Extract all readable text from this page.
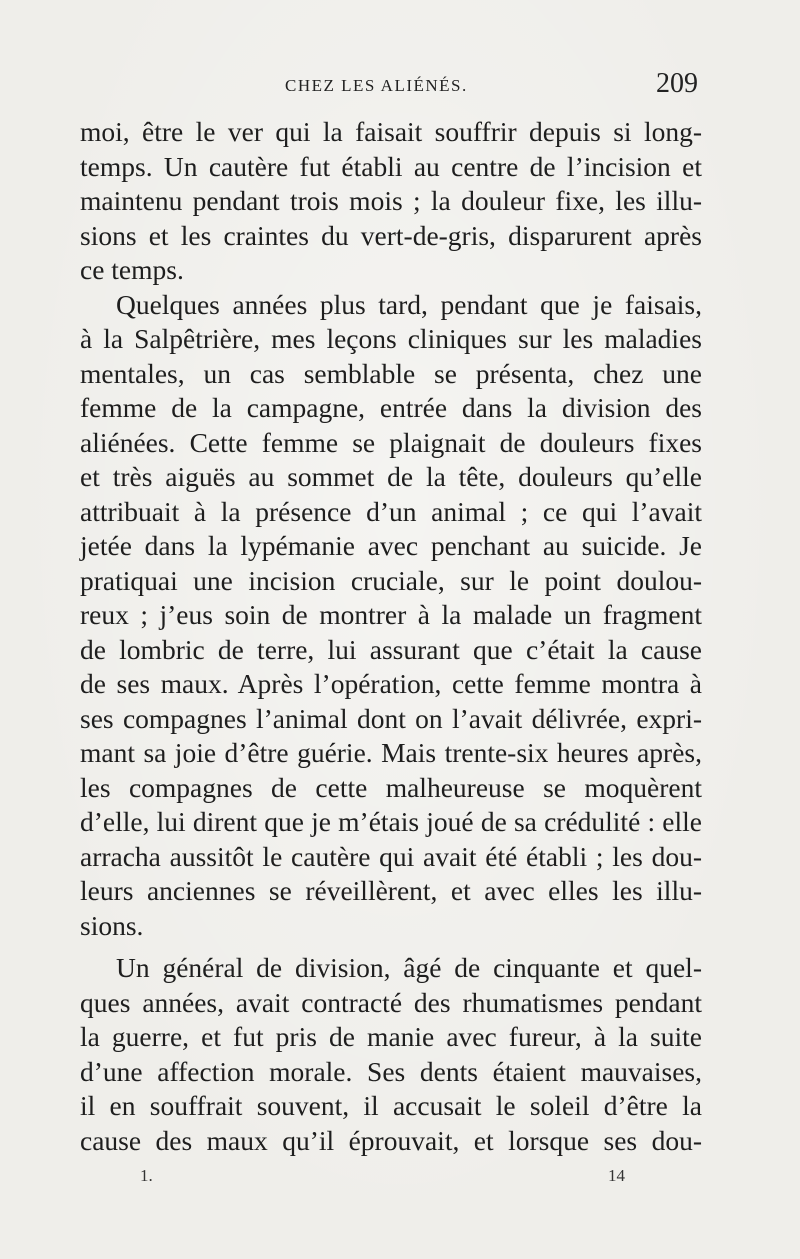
CHEZ LES ALIÉNÉS.	209
moi, être le ver qui la faisait souffrir depuis si long-
temps. Un cautère fut établi au centre de l’incision et
maintenu pendant trois mois ; la douleur fixe, les illu-
sions et les craintes du vert-de-gris, disparurent après
ce temps.
Quelques années plus tard, pendant que je faisais,
à la Salpêtrière, mes leçons cliniques sur les maladies
mentales, un cas semblable se présenta, chez une
femme de la campagne, entrée dans la division des
aliénées. Cette femme se plaignait de douleurs fixes
et très aiguës au sommet de la tête, douleurs qu’elle
attribuait à la présence d’un animal ; ce qui l’avait
jetée dans la lypémanie avec penchant au suicide. Je
pratiquai une incision cruciale, sur le point doulou-
reux ; j’eus soin de montrer à la malade un fragment
de lombric de terre, lui assurant que c’était la cause
de ses maux. Après l’opération, cette femme montra à
ses compagnes l’animal dont on l’avait délivrée, expri-
mant sa joie d’être guérie. Mais trente-six heures après,
les compagnes de cette malheureuse se moquèrent
d’elle, lui dirent que je m’étais joué de sa crédulité : elle
arracha aussitôt le cautère qui avait été établi ; les dou-
leurs anciennes se réveillèrent, et avec elles les illu-
sions.
Un général de division, âgé de cinquante et quel-
ques années, avait contracté des rhumatismes pendant
la guerre, et fut pris de manie avec fureur, à la suite
d’une affection morale. Ses dents étaient mauvaises,
il en souffrait souvent, il accusait le soleil d’être la
cause des maux qu’il éprouvait, et lorsque ses dou-
1.	14
